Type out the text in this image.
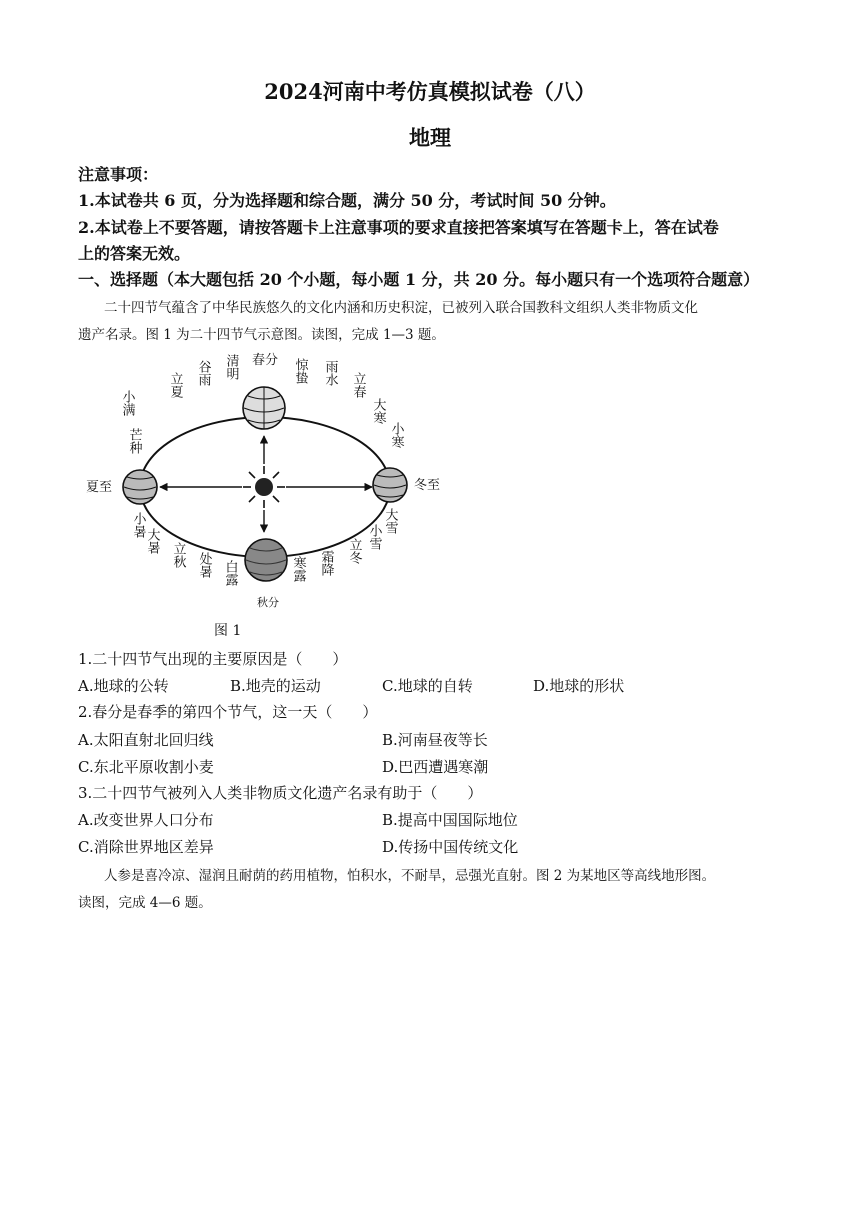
2024河南中考仿真模拟试卷（八）
地理
注意事项：
1.本试卷共 6 页，分为选择题和综合题，满分 50 分，考试时间 50 分钟。
2.本试卷上不要答题，请按答题卡上注意事项的要求直接把答案填写在答题卡上，答在试卷
上的答案无效。
一、选择题（本大题包括 20 个小题，每小题 1 分，共 20 分。每小题只有一个选项符合题意）
二十四节气蕴含了中华民族悠久的文化内涵和历史积淀，已被列入联合国教科文组织人类非物质文化
遗产名录。图 1 为二十四节气示意图。读图，完成 1—3 题。
春分
秋分
夏至	冬至
清明
谷雨
立夏
小满
芒种
惊蛰 雨水 立春
大寒
小寒
小暑
大暑
立秋 处暑 白露	寒露 霜降 立冬
小雪
大雪
图 1
1.二十四节气出现的主要原因是（　　）
A.地球的公转	B.地壳的运动	C.地球的自转	D.地球的形状
2.春分是春季的第四个节气，这一天（　　）
A.太阳直射北回归线	B.河南昼夜等长
C.东北平原收割小麦	D.巴西遭遇寒潮
3.二十四节气被列入人类非物质文化遗产名录有助于（　　）
A.改变世界人口分布	B.提高中国国际地位
C.消除世界地区差异	D.传扬中国传统文化
人参是喜冷凉、湿润且耐荫的药用植物，怕积水，不耐旱，忌强光直射。图 2 为某地区等高线地形图。
读图，完成 4—6 题。
